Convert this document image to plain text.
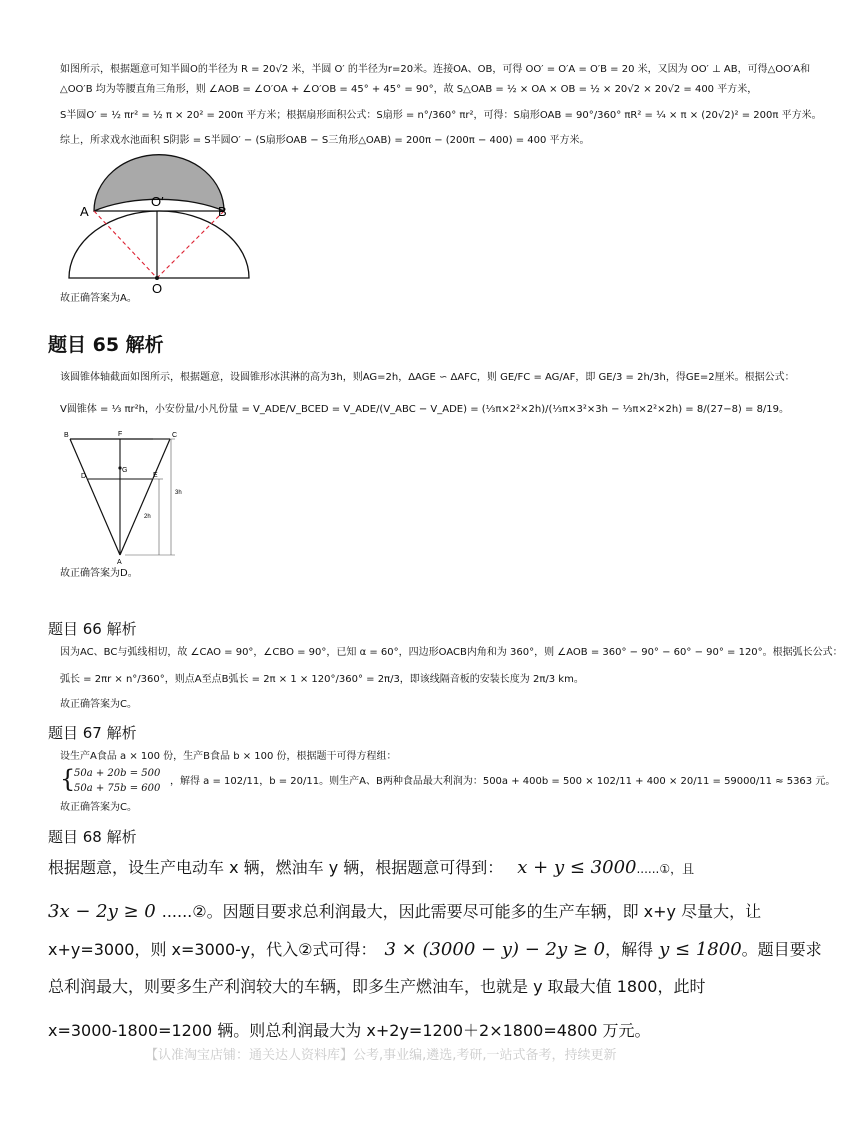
如图所示，根据题意可知半圆O的半径为 R = 20√2 米，半圆 O′ 的半径为r=20米。连接OA、OB，可得 OO′ = O′A = O′B = 20 米，又因为 OO′ ⊥ AB，可得△OO′A和
△OO′B 均为等腰直角三角形，则 ∠AOB = ∠O′OA + ∠O′OB = 45° + 45° = 90°，故 S△OAB = ½ × OA × OB = ½ × 20√2 × 20√2 = 400 平方米，
S半圆O′ = ½ πr² = ½ π × 20² = 200π 平方米；根据扇形面积公式：S扇形 = n°/360° πr²，可得：S扇形OAB = 90°/360° πR² = ¼ × π × (20√2)² = 200π 平方米。
综上，所求戏水池面积 S阴影 = S半圆O′ − (S扇形OAB − S三角形△OAB) = 200π − (200π − 400) = 400 平方米。
A
O′
B
O
故正确答案为A。
题目 65 解析
该圆锥体轴截面如图所示，根据题意，设圆锥形冰淇淋的高为3h，则AG=2h，ΔAGE ∽ ΔAFC，则 GE/FC = AG/AF，即 GE/3 = 2h/3h，得GE=2厘米。根据公式：
V圆锥体 = ⅓ πr²h，小安份量/小凡份量 = V_ADE/V_BCED = V_ADE/(V_ABC − V_ADE) = (⅓π×2²×2h)/(⅓π×3²×3h − ⅓π×2²×2h) = 8/(27−8) = 8/19。
B	F	C
D
G
E
A
3h
2h
故正确答案为D。
题目 66 解析
因为AC、BC与弧线相切，故 ∠CAO = 90°，∠CBO = 90°，已知 α = 60°，四边形OACB内角和为 360°，则 ∠AOB = 360° − 90° − 60° − 90° = 120°。根据弧长公式：
弧长 = 2πr × n°/360°，则点A至点B弧长 = 2π × 1 × 120°/360° = 2π/3，即该线隔音板的安装长度为 2π/3 km。
故正确答案为C。
题目 67 解析
设生产A食品 a × 100 份，生产B食品 b × 100 份，根据题干可得方程组：
{
50a + 20b = 500
50a + 75b = 600
，解得 a = 102/11，b = 20/11。则生产A、B两种食品最大利润为：500a + 400b = 500 × 102/11 + 400 × 20/11 = 59000/11 ≈ 5363 元。
故正确答案为C。
题目 68 解析
根据题意，设生产电动车 x 辆，燃油车 y 辆，根据题意可得到： x + y ≤ 3000......①，且
3x − 2y ≥ 0 ......②。因题目要求总利润最大，因此需要尽可能多的生产车辆，即 x+y 尽量大，让
x+y=3000，则 x=3000-y，代入②式可得： 3 × (3000 − y) − 2y ≥ 0，解得 y ≤ 1800。题目要求
总利润最大，则要多生产利润较大的车辆，即多生产燃油车，也就是 y 取最大值 1800，此时
x=3000-1800=1200 辆。则总利润最大为 x+2y=1200＋2×1800=4800 万元。
【认准淘宝店铺：通关达人资料库】公考,事业编,遴选,考研,一站式备考，持续更新
